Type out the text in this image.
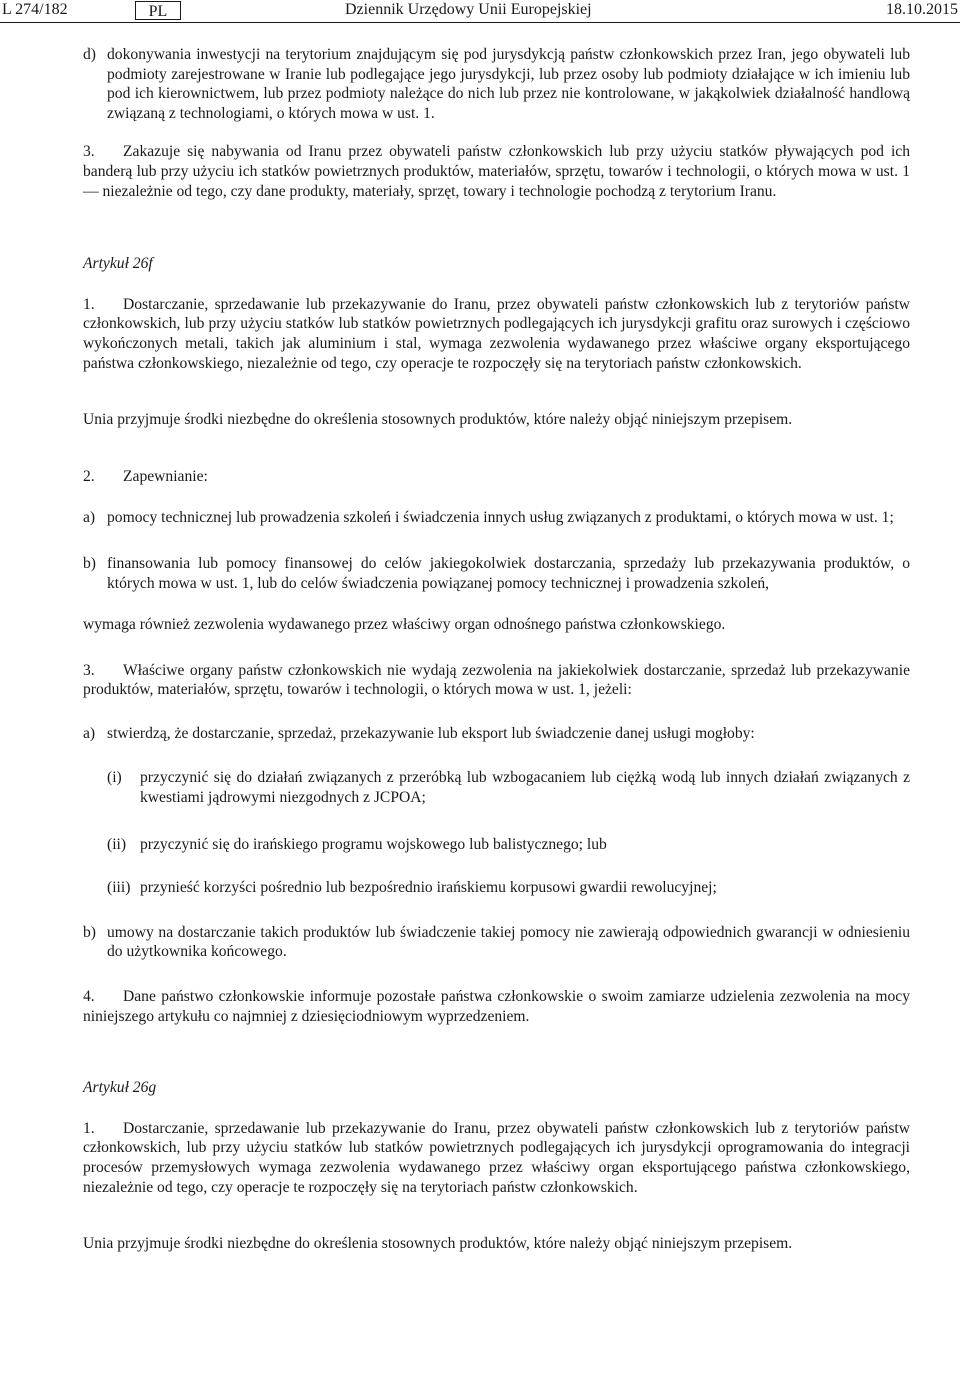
L 274/182	PL	Dziennik Urzędowy Unii Europejskiej	18.10.2015
d) dokonywania inwestycji na terytorium znajdującym się pod jurysdykcją państw członkowskich przez Iran, jego obywateli lub podmioty zarejestrowane w Iranie lub podlegające jego jurysdykcji, lub przez osoby lub podmioty działające w ich imieniu lub pod ich kierownictwem, lub przez podmioty należące do nich lub przez nie kontrolowane, w jakąkolwiek działalność handlową związaną z technologiami, o których mowa w ust. 1.

3. Zakazuje się nabywania od Iranu przez obywateli państw członkowskich lub przy użyciu statków pływających pod ich banderą lub przy użyciu ich statków powietrznych produktów, materiałów, sprzętu, towarów i technologii, o których mowa w ust. 1 — niezależnie od tego, czy dane produkty, materiały, sprzęt, towary i technologie pochodzą z terytorium Iranu.

Artykuł 26f

1. Dostarczanie, sprzedawanie lub przekazywanie do Iranu, przez obywateli państw członkowskich lub z terytoriów państw członkowskich, lub przy użyciu statków lub statków powietrznych podlegających ich jurysdykcji grafitu oraz surowych i częściowo wykończonych metali, takich jak aluminium i stal, wymaga zezwolenia wydawanego przez właściwe organy eksportującego państwa członkowskiego, niezależnie od tego, czy operacje te rozpoczęły się na terytoriach państw członkowskich.

Unia przyjmuje środki niezbędne do określenia stosownych produktów, które należy objąć niniejszym przepisem.

2. Zapewnianie:

a) pomocy technicznej lub prowadzenia szkoleń i świadczenia innych usług związanych z produktami, o których mowa w ust. 1;
b) finansowania lub pomocy finansowej do celów jakiegokolwiek dostarczania, sprzedaży lub przekazywania produktów, o których mowa w ust. 1, lub do celów świadczenia powiązanej pomocy technicznej i prowadzenia szkoleń,

wymaga również zezwolenia wydawanego przez właściwy organ odnośnego państwa członkowskiego.

3. Właściwe organy państw członkowskich nie wydają zezwolenia na jakiekolwiek dostarczanie, sprzedaż lub przekazywanie produktów, materiałów, sprzętu, towarów i technologii, o których mowa w ust. 1, jeżeli:

a) stwierdzą, że dostarczanie, sprzedaż, przekazywanie lub eksport lub świadczenie danej usługi mogłoby:
(i) przyczynić się do działań związanych z przeróbką lub wzbogacaniem lub ciężką wodą lub innych działań związanych z kwestiami jądrowymi niezgodnych z JCPOA;
(ii) przyczynić się do irańskiego programu wojskowego lub balistycznego; lub
(iii) przynieść korzyści pośrednio lub bezpośrednio irańskiemu korpusowi gwardii rewolucyjnej;
b) umowy na dostarczanie takich produktów lub świadczenie takiej pomocy nie zawierają odpowiednich gwarancji w odniesieniu do użytkownika końcowego.

4. Dane państwo członkowskie informuje pozostałe państwa członkowskie o swoim zamiarze udzielenia zezwolenia na mocy niniejszego artykułu co najmniej z dziesięciodniowym wyprzedzeniem.

Artykuł 26g

1. Dostarczanie, sprzedawanie lub przekazywanie do Iranu, przez obywateli państw członkowskich lub z terytoriów państw członkowskich, lub przy użyciu statków lub statków powietrznych podlegających ich jurysdykcji oprogramowania do integracji procesów przemysłowych wymaga zezwolenia wydawanego przez właściwy organ eksportującego państwa członkowskiego, niezależnie od tego, czy operacje te rozpoczęły się na terytoriach państw członkowskich.

Unia przyjmuje środki niezbędne do określenia stosownych produktów, które należy objąć niniejszym przepisem.
